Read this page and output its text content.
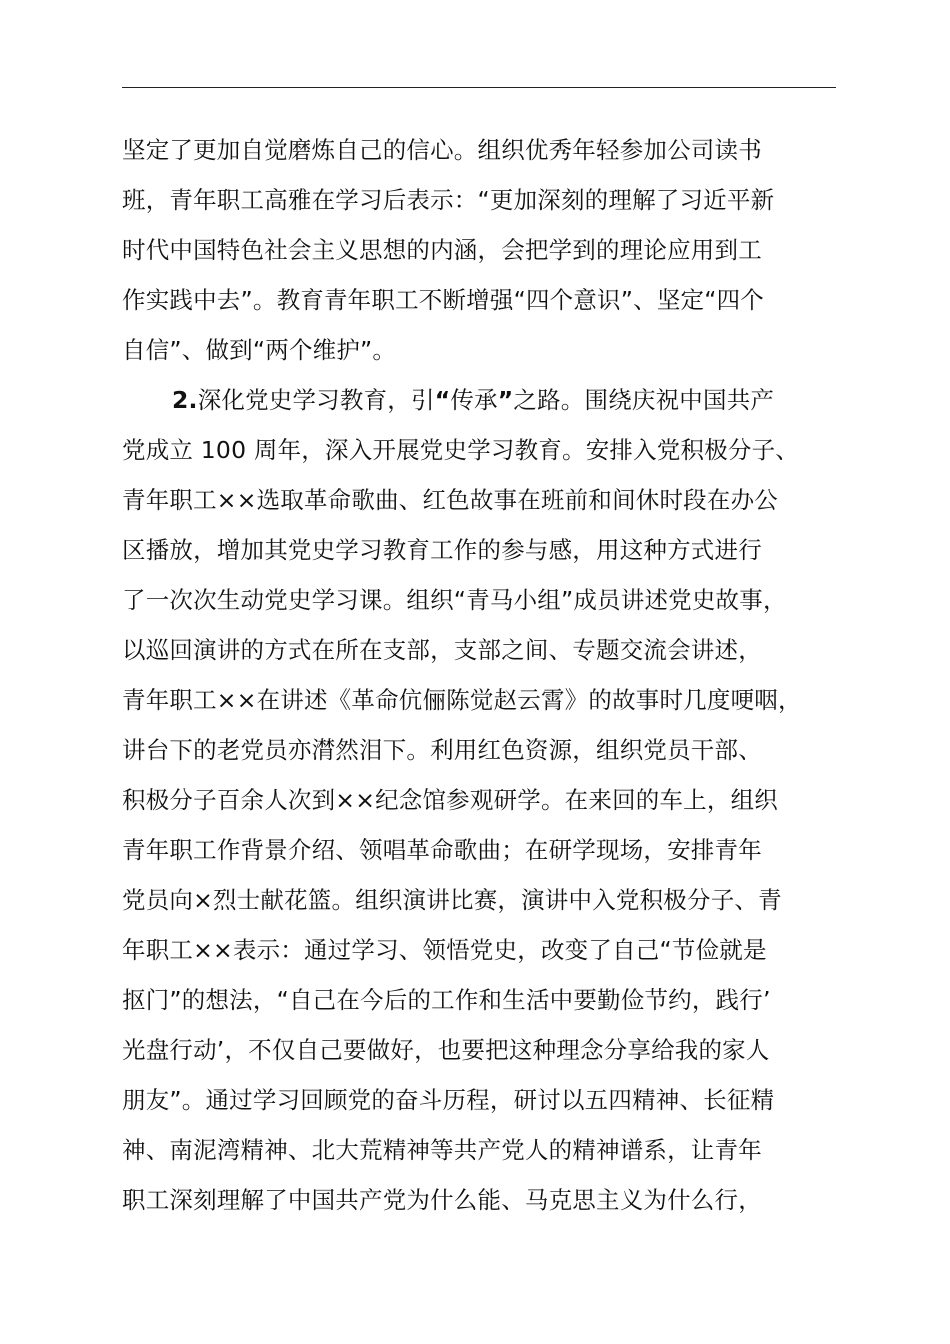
坚定了更加自觉磨炼自己的信心。组织优秀年轻参加公司读书
班，青年职工高雅在学习后表示：“更加深刻的理解了习近平新
时代中国特色社会主义思想的内涵，会把学到的理论应用到工
作实践中去”。教育青年职工不断增强“四个意识”、坚定“四个
自信”、做到“两个维护”。
2.深化党史学习教育，引“传承”之路。围绕庆祝中国共产
党成立 100 周年，深入开展党史学习教育。安排入党积极分子、
青年职工××选取革命歌曲、红色故事在班前和间休时段在办公
区播放，增加其党史学习教育工作的参与感，用这种方式进行
了一次次生动党史学习课。组织“青马小组”成员讲述党史故事，
以巡回演讲的方式在所在支部，支部之间、专题交流会讲述，
青年职工××在讲述《革命伉俪陈觉赵云霄》的故事时几度哽咽，
讲台下的老党员亦潸然泪下。利用红色资源，组织党员干部、
积极分子百余人次到××纪念馆参观研学。在来回的车上，组织
青年职工作背景介绍、领唱革命歌曲；在研学现场，安排青年
党员向×烈士献花篮。组织演讲比赛，演讲中入党积极分子、青
年职工××表示：通过学习、领悟党史，改变了自己“节俭就是
抠门”的想法，“自己在今后的工作和生活中要勤俭节约，践行’
光盘行动’，不仅自己要做好，也要把这种理念分享给我的家人
朋友”。通过学习回顾党的奋斗历程，研讨以五四精神、长征精
神、南泥湾精神、北大荒精神等共产党人的精神谱系，让青年
职工深刻理解了中国共产党为什么能、马克思主义为什么行，
